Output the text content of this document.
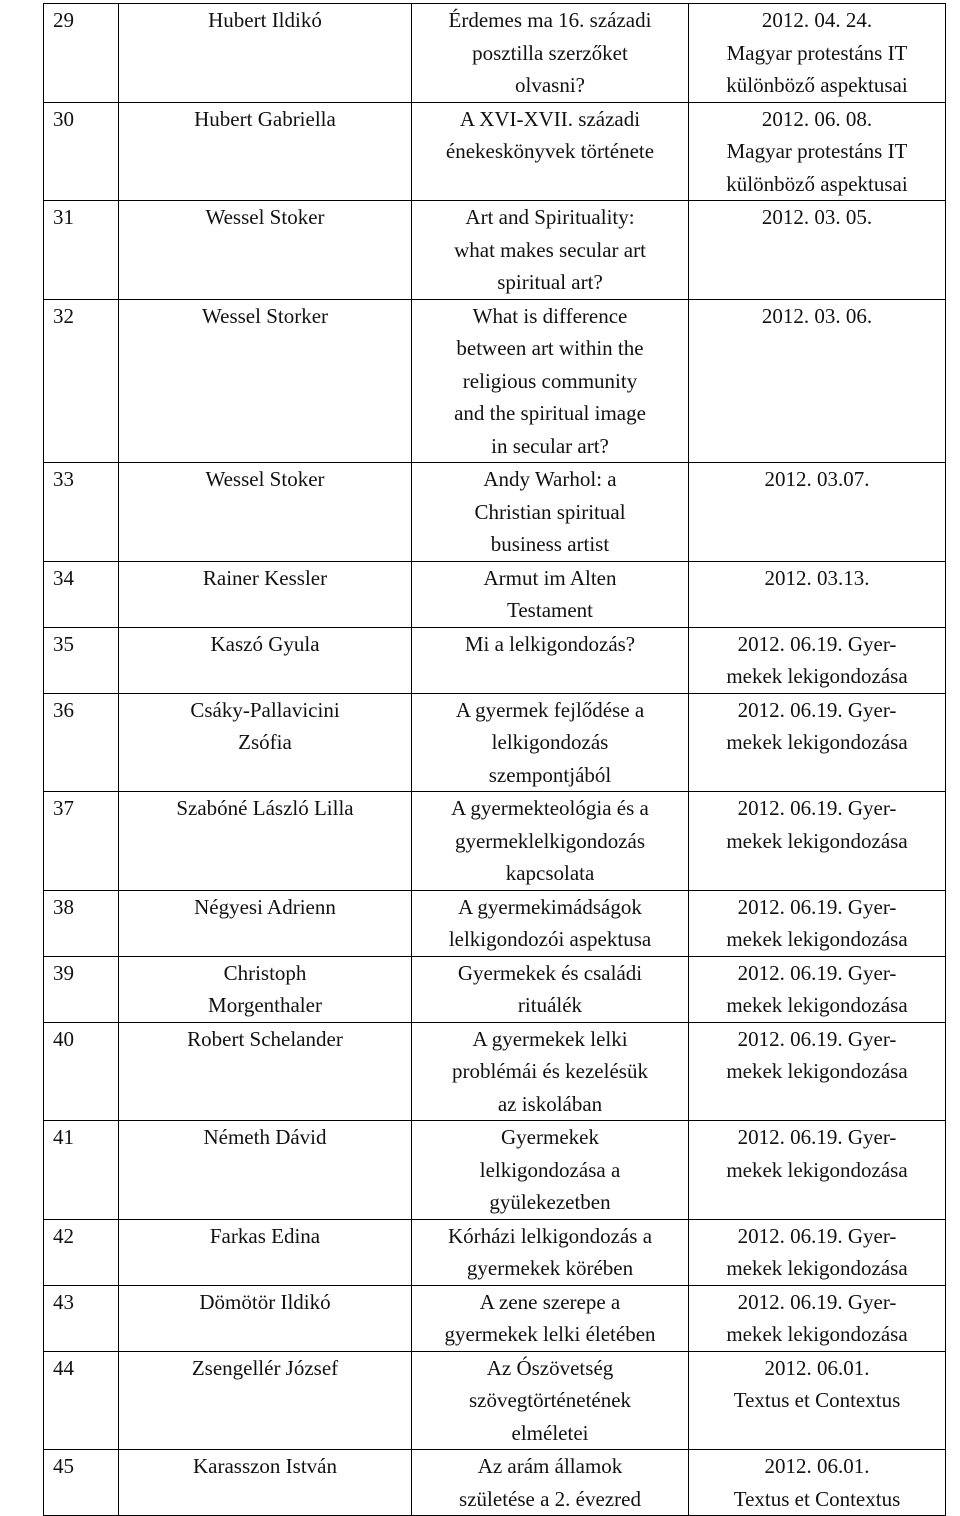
29	Hubert Ildikó	Érdemes ma 16. századi
posztilla szerzőket
olvasni?	2012. 04. 24.
Magyar protestáns IT
különböző aspektusai
30	Hubert Gabriella	A XVI-XVII. századi
énekeskönyvek története	2012. 06. 08.
Magyar protestáns IT
különböző aspektusai
31	Wessel Stoker	Art and Spirituality:
what makes secular art
spiritual art?	2012. 03. 05.
32	Wessel Storker	What is difference
between art within the
religious community
and the spiritual image
in secular art?	2012. 03. 06.
33	Wessel Stoker	Andy Warhol: a
Christian spiritual
business artist	2012. 03.07.
34	Rainer Kessler	Armut im Alten
Testament	2012. 03.13.
35	Kaszó Gyula	Mi a lelkigondozás?	2012. 06.19. Gyer-
mekek lekigondozása
36	Csáky-Pallavicini
Zsófia	A gyermek fejlődése a
lelkigondozás
szempontjából	2012. 06.19. Gyer-
mekek lekigondozása
37	Szabóné László Lilla	A gyermekteológia és a
gyermeklelkigondozás
kapcsolata	2012. 06.19. Gyer-
mekek lekigondozása
38	Négyesi Adrienn	A gyermekimádságok
lelkigondozói aspektusa	2012. 06.19. Gyer-
mekek lekigondozása
39	Christoph
Morgenthaler	Gyermekek és családi
rituálék	2012. 06.19. Gyer-
mekek lekigondozása
40	Robert Schelander	A gyermekek lelki
problémái és kezelésük
az iskolában	2012. 06.19. Gyer-
mekek lekigondozása
41	Németh Dávid	Gyermekek
lelkigondozása a
gyülekezetben	2012. 06.19. Gyer-
mekek lekigondozása
42	Farkas Edina	Kórházi lelkigondozás a
gyermekek körében	2012. 06.19. Gyer-
mekek lekigondozása
43	Dömötör Ildikó	A zene szerepe a
gyermekek lelki életében	2012. 06.19. Gyer-
mekek lekigondozása
44	Zsengellér József	Az Ószövetség
szövegtörténetének
elméletei	2012. 06.01.
Textus et Contextus
45	Karasszon István	Az arám államok
születése a 2. évezred	2012. 06.01.
Textus et Contextus
